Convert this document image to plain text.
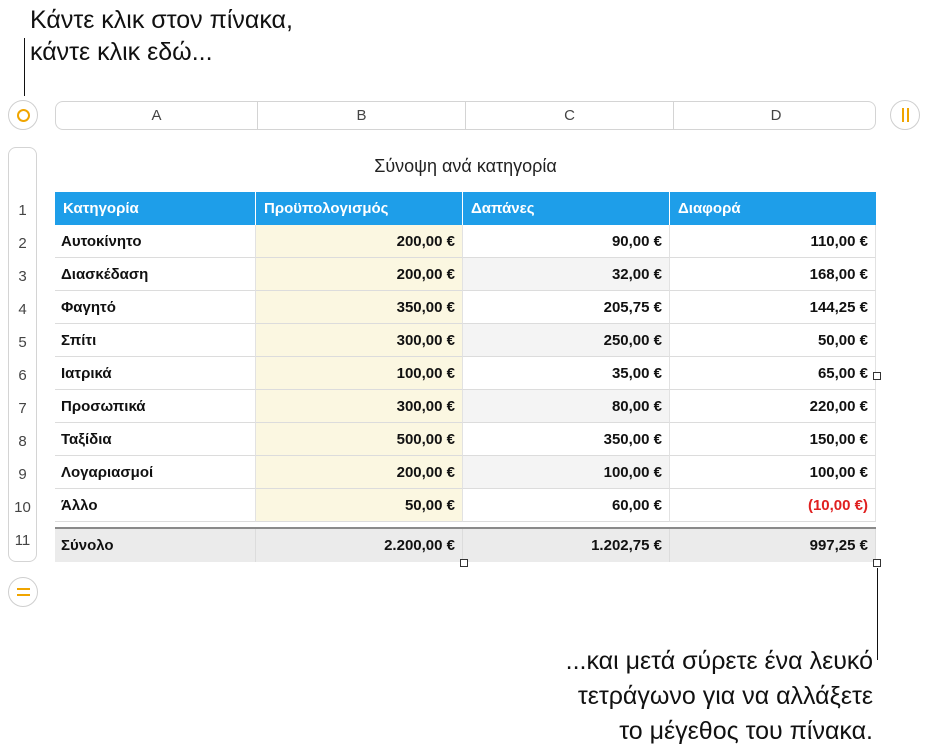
Κάντε κλικ στον πίνακα,
κάντε κλικ εδώ...
A	B	C	D
1
2
3
4
5
6
7
8
9
10
11
Σύνοψη ανά κατηγορία
Κατηγορία	Προϋπολογισμός	Δαπάνες	Διαφορά
Αυτοκίνητο	200,00 €	90,00 €	110,00 €
Διασκέδαση	200,00 €	32,00 €	168,00 €
Φαγητό	350,00 €	205,75 €	144,25 €
Σπίτι	300,00 €	250,00 €	50,00 €
Ιατρικά	100,00 €	35,00 €	65,00 €
Προσωπικά	300,00 €	80,00 €	220,00 €
Ταξίδια	500,00 €	350,00 €	150,00 €
Λογαριασμοί	200,00 €	100,00 €	100,00 €
Άλλο	50,00 €	60,00 €	(10,00 €)
Σύνολο	2.200,00 €	1.202,75 €	997,25 €
...και μετά σύρετε ένα λευκό
τετράγωνο για να αλλάξετε
το μέγεθος του πίνακα.
